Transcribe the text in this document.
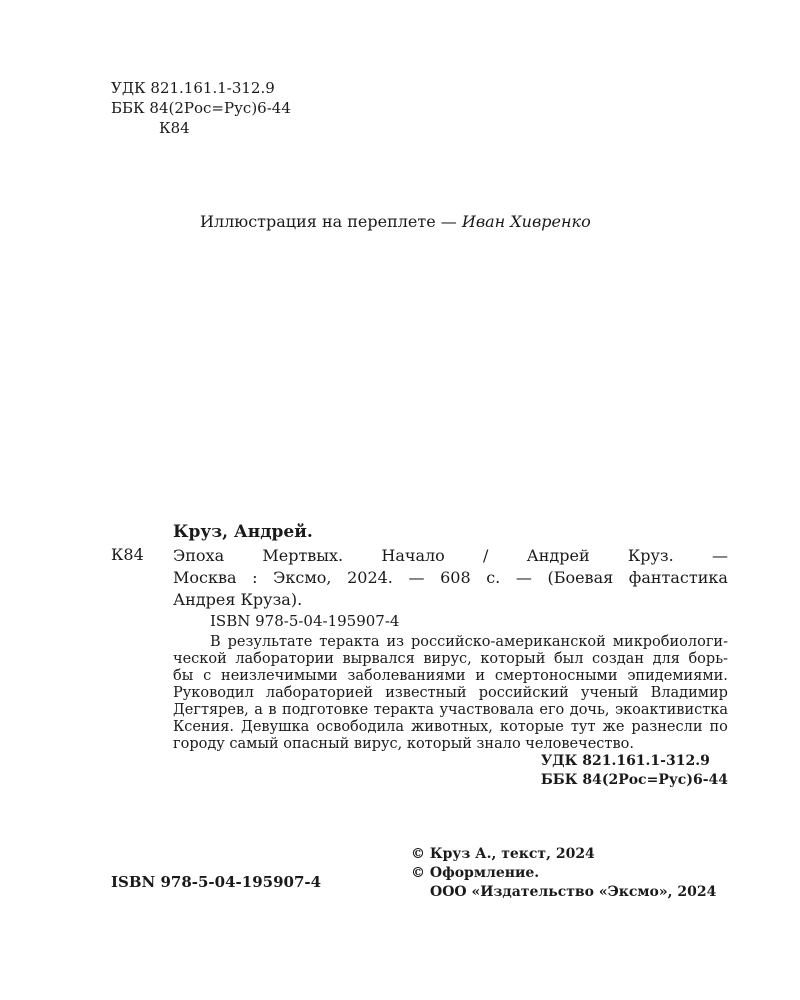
УДК 821.161.1-312.9
ББК 84(2Рос=Рус)6-44
К84
Иллюстрация на переплете — Иван Хивренко
Круз, Андрей.
К84 Эпоха Мертвых. Начало / Андрей Круз. —
Москва : Эксмо, 2024. — 608 с. — (Боевая фантастика
Андрея Круза).
ISBN 978-5-04-195907-4
В результате теракта из российско-американской микробиологи-
ческой лаборатории вырвался вирус, который был создан для борь-
бы с неизлечимыми заболеваниями и смертоносными эпидемиями.
Руководил лабораторией известный российский ученый Владимир
Дегтярев, а в подготовке теракта участвовала его дочь, экоактивистка
Ксения. Девушка освободила животных, которые тут же разнесли по
городу самый опасный вирус, который знало человечество.
УДК 821.161.1-312.9
ББК 84(2Рос=Рус)6-44
© Круз А., текст, 2024
© Оформление.
ООО «Издательство «Эксмо», 2024
ISBN 978-5-04-195907-4
